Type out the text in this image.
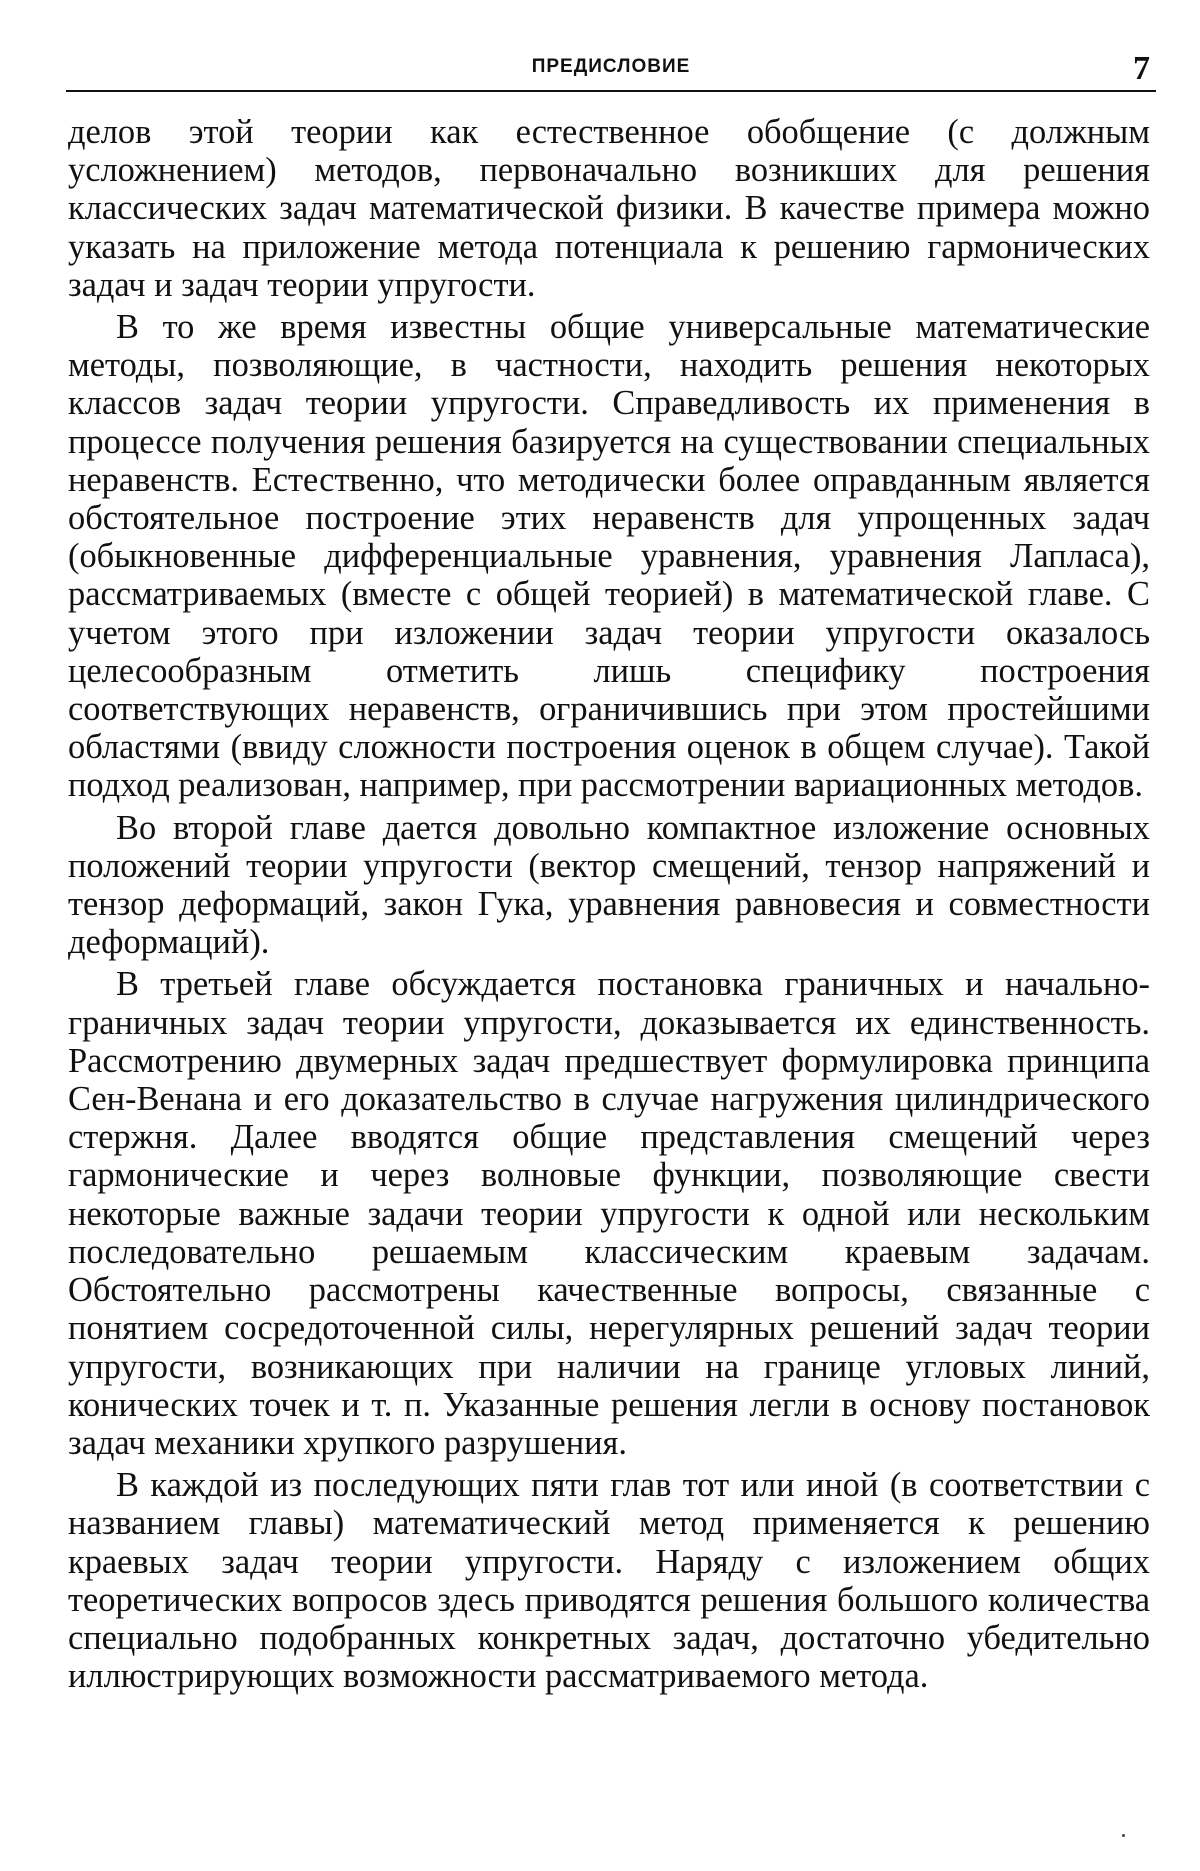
ПРЕДИСЛОВИЕ	7

делов этой теории как естественное обобщение (с должным усложнением) методов, первоначально возникших для решения классических задач математической физики. В качестве примера можно указать на приложение метода потенциала к решению гармонических задач и задач теории упругости.

В то же время известны общие универсальные математические методы, позволяющие, в частности, находить решения некоторых классов задач теории упругости. Справедливость их применения в процессе получения решения базируется на существовании специальных неравенств. Естественно, что методически более оправданным является обстоятельное построение этих неравенств для упрощенных задач (обыкновенные дифференциальные уравнения, уравнения Лапласа), рассматриваемых (вместе с общей теорией) в математической главе. С учетом этого при изложении задач теории упругости оказалось целесообразным отметить лишь специфику построения соответствующих неравенств, ограничившись при этом простейшими областями (ввиду сложности построения оценок в общем случае). Такой подход реализован, например, при рассмотрении вариационных методов.

Во второй главе дается довольно компактное изложение основных положений теории упругости (вектор смещений, тензор напряжений и тензор деформаций, закон Гука, уравнения равновесия и совместности деформаций).

В третьей главе обсуждается постановка граничных и начально-граничных задач теории упругости, доказывается их единственность. Рассмотрению двумерных задач предшествует формулировка принципа Сен-Венана и его доказательство в случае нагружения цилиндрического стержня. Далее вводятся общие представления смещений через гармонические и через волновые функции, позволяющие свести некоторые важные задачи теории упругости к одной или нескольким последовательно решаемым классическим краевым задачам. Обстоятельно рассмотрены качественные вопросы, связанные с понятием сосредоточенной силы, нерегулярных решений задач теории упругости, возникающих при наличии на границе угловых линий, конических точек и т. п. Указанные решения легли в основу постановок задач механики хрупкого разрушения.

В каждой из последующих пяти глав тот или иной (в соответствии с названием главы) математический метод применяется к решению краевых задач теории упругости. Наряду с изложением общих теоретических вопросов здесь приводятся решения большого количества специально подобранных конкретных задач, достаточно убедительно иллюстрирующих возможности рассматриваемого метода.
